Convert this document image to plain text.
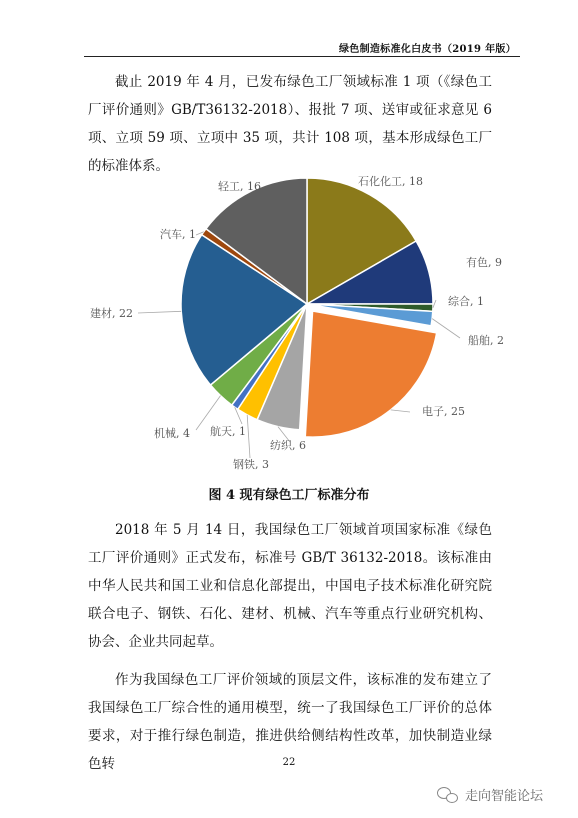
绿色制造标准化白皮书（2019 年版）

截止 2019 年 4 月，已发布绿色工厂领域标准 1 项（《绿色工厂评价通则》GB/T36132-2018）、报批 7 项、送审或征求意见 6 项、立项 59 项、立项中 35 项，共计 108 项，基本形成绿色工厂的标准体系。

石化化工, 18
有色, 9
综合, 1
船舶, 2
电子, 25
纺织, 6
钢铁, 3
航天, 1
机械, 4
建材, 22
汽车, 1
轻工, 16
图 4 现有绿色工厂标准分布

2018 年 5 月 14 日，我国绿色工厂领域首项国家标准《绿色工厂评价通则》正式发布，标准号 GB/T 36132-2018。该标准由中华人民共和国工业和信息化部提出，中国电子技术标准化研究院联合电子、钢铁、石化、建材、机械、汽车等重点行业研究机构、协会、企业共同起草。

作为我国绿色工厂评价领域的顶层文件，该标准的发布建立了我国绿色工厂综合性的通用模型，统一了我国绿色工厂评价的总体要求，对于推行绿色制造，推进供给侧结构性改革，加快制造业绿色转	22
走向智能论坛
